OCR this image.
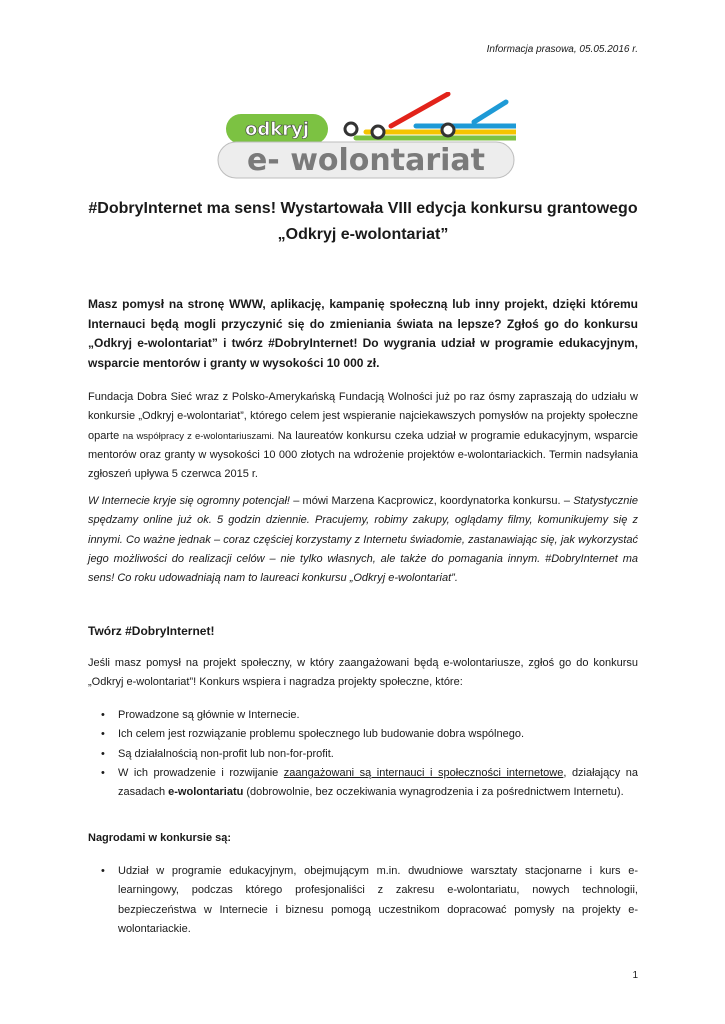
Informacja prasowa, 05.05.2016 r.
odkryj
e- wolontariat
#DobryInternet ma sens! Wystartowała VIII edycja konkursu grantowego „Odkryj e-wolontariat”

Masz pomysł na stronę WWW, aplikację, kampanię społeczną lub inny projekt, dzięki któremu Internauci będą mogli przyczynić się do zmieniania świata na lepsze? Zgłoś go do konkursu „Odkryj e-wolontariat” i twórz #DobryInternet! Do wygrania udział w programie edukacyjnym, wsparcie mentorów i granty w wysokości 10 000 zł.

Fundacja Dobra Sieć wraz z Polsko-Amerykańską Fundacją Wolności już po raz ósmy zapraszają do udziału w konkursie „Odkryj e-wolontariat”, którego celem jest wspieranie najciekawszych pomysłów na projekty społeczne oparte na współpracy z e-wolontariuszami. Na laureatów konkursu czeka udział w programie edukacyjnym, wsparcie mentorów oraz granty w wysokości 10 000 złotych na wdrożenie projektów e-wolontariackich. Termin nadsyłania zgłoszeń upływa 5 czerwca 2015 r.

W Internecie kryje się ogromny potencjał! – mówi Marzena Kacprowicz, koordynatorka konkursu. – Statystycznie spędzamy online już ok. 5 godzin dziennie. Pracujemy, robimy zakupy, oglądamy filmy, komunikujemy się z innymi. Co ważne jednak – coraz częściej korzystamy z Internetu świadomie, zastanawiając się, jak wykorzystać jego możliwości do realizacji celów – nie tylko własnych, ale także do pomagania innym. #DobryInternet ma sens! Co roku udowadniają nam to laureaci konkursu „Odkryj e-wolontariat”.

Twórz #DobryInternet!

Jeśli masz pomysł na projekt społeczny, w który zaangażowani będą e-wolontariusze, zgłoś go do konkursu „Odkryj e-wolontariat”! Konkurs wspiera i nagradza projekty społeczne, które:

• Prowadzone są głównie w Internecie.
• Ich celem jest rozwiązanie problemu społecznego lub budowanie dobra wspólnego.
• Są działalnością non-profit lub non-for-profit.
• W ich prowadzenie i rozwijanie zaangażowani są internauci i społeczności internetowe, działający na zasadach e-wolontariatu (dobrowolnie, bez oczekiwania wynagrodzenia i za pośrednictwem Internetu).
Nagrodami w konkursie są:
• Udział w programie edukacyjnym, obejmującym m.in. dwudniowe warsztaty stacjonarne i kurs e-learningowy, podczas którego profesjonaliści z zakresu e-wolontariatu, nowych technologii, bezpieczeństwa w Internecie i biznesu pomogą uczestnikom dopracować pomysły na projekty e-wolontariackie.
1
